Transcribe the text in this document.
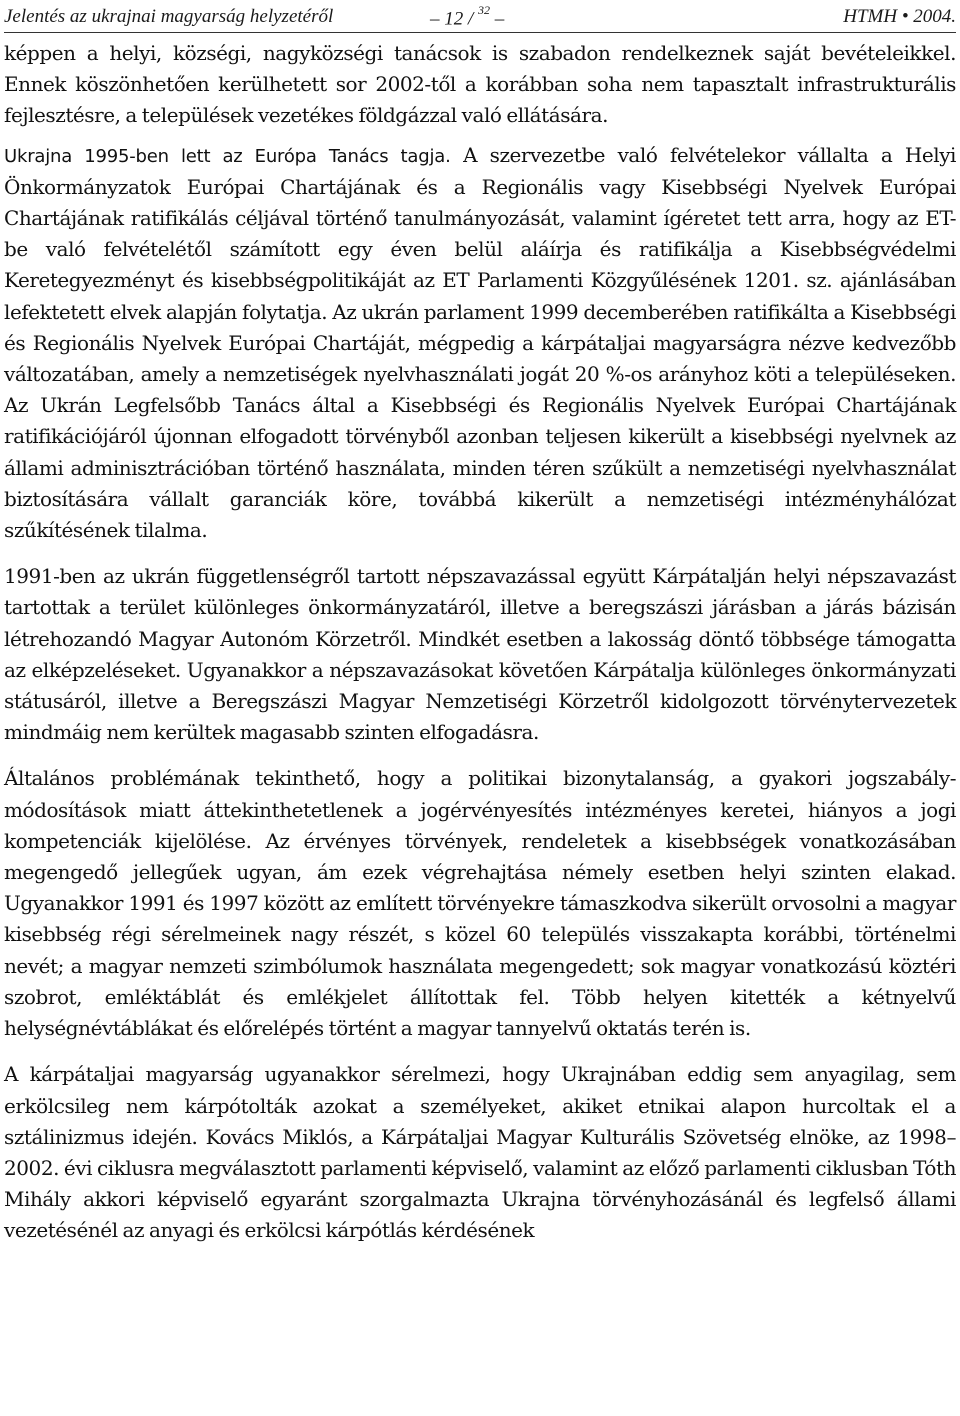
Jelentés az ukrajnai magyarság helyzetéről	– 12 / $^{32}$ –	HTMH • 2004.

képpen a helyi, községi, nagyközségi tanácsok is szabadon rendelkeznek saját bevételeikkel. Ennek köszönhetően kerülhetett sor 2002-től a korábban soha nem tapasztalt infrastrukturális fejlesztésre, a települések vezetékes földgázzal való ellátására.

Ukrajna 1995-ben lett az Európa Tanács tagja. A szervezetbe való felvételekor vállalta a Helyi Önkormányzatok Európai Chartájának és a Regionális vagy Kisebbségi Nyelvek Európai Chartájának ratifikálás céljával történő tanulmányozását, valamint ígéretet tett arra, hogy az ET-be való felvételétől számított egy éven belül aláírja és ratifikálja a Kisebbségvédelmi Keretegyezményt és kisebbségpolitikáját az ET Parlamenti Közgyűlésének 1201. sz. ajánlásában lefektetett elvek alapján folytatja. Az ukrán parlament 1999 decemberében ratifikálta a Kisebbségi és Regionális Nyelvek Európai Chartáját, mégpedig a kárpátaljai magyarságra nézve kedvezőbb változatában, amely a nemzetiségek nyelvhasználati jogát 20 %-os arányhoz köti a településeken. Az Ukrán Legfelsőbb Tanács által a Kisebbségi és Regionális Nyelvek Európai Chartájának ratifikációjáról újonnan elfogadott törvényből azonban teljesen kikerült a kisebbségi nyelvnek az állami adminisztrációban történő használata, minden téren szűkült a nemzetiségi nyelvhasználat biztosítására vállalt garanciák köre, továbbá kikerült a nemzetiségi intézményhálózat szűkítésének tilalma.

1991-ben az ukrán függetlenségről tartott népszavazással együtt Kárpátalján helyi népszavazást tartottak a terület különleges önkormányzatáról, illetve a beregszászi járásban a járás bázisán létrehozandó Magyar Autonóm Körzetről. Mindkét esetben a lakosság döntő többsége támogatta az elképzeléseket. Ugyanakkor a népszavazásokat követően Kárpátalja különleges önkormányzati státusáról, illetve a Beregszászi Magyar Nemzetiségi Körzetről kidolgozott törvénytervezetek mindmáig nem kerültek magasabb szinten elfogadásra.

Általános problémának tekinthető, hogy a politikai bizonytalanság, a gyakori jogszabály-módosítások miatt áttekinthetetlenek a jogérvényesítés intézményes keretei, hiányos a jogi kompetenciák kijelölése. Az érvényes törvények, rendeletek a kisebbségek vonatkozásában megengedő jellegűek ugyan, ám ezek végrehajtása némely esetben helyi szinten elakad. Ugyanakkor 1991 és 1997 között az említett törvényekre támaszkodva sikerült orvosolni a magyar kisebbség régi sérelmeinek nagy részét, s közel 60 település visszakapta korábbi, történelmi nevét; a magyar nemzeti szimbólumok használata megengedett; sok magyar vonatkozású köztéri szobrot, emléktáblát és emlékjelet állítottak fel. Több helyen kitették a kétnyelvű helységnévtáblákat és előrelépés történt a magyar tannyelvű oktatás terén is.

A kárpátaljai magyarság ugyanakkor sérelmezi, hogy Ukrajnában eddig sem anyagilag, sem erkölcsileg nem kárpótolták azokat a személyeket, akiket etnikai alapon hurcoltak el a sztálinizmus idején. Kovács Miklós, a Kárpátaljai Magyar Kulturális Szövetség elnöke, az 1998–2002. évi ciklusra megválasztott parlamenti képviselő, valamint az előző parlamenti ciklusban Tóth Mihály akkori képviselő egyaránt szorgalmazta Ukrajna törvényhozásánál és legfelső állami vezetésénél az anyagi és erkölcsi kárpótlás kérdésének
